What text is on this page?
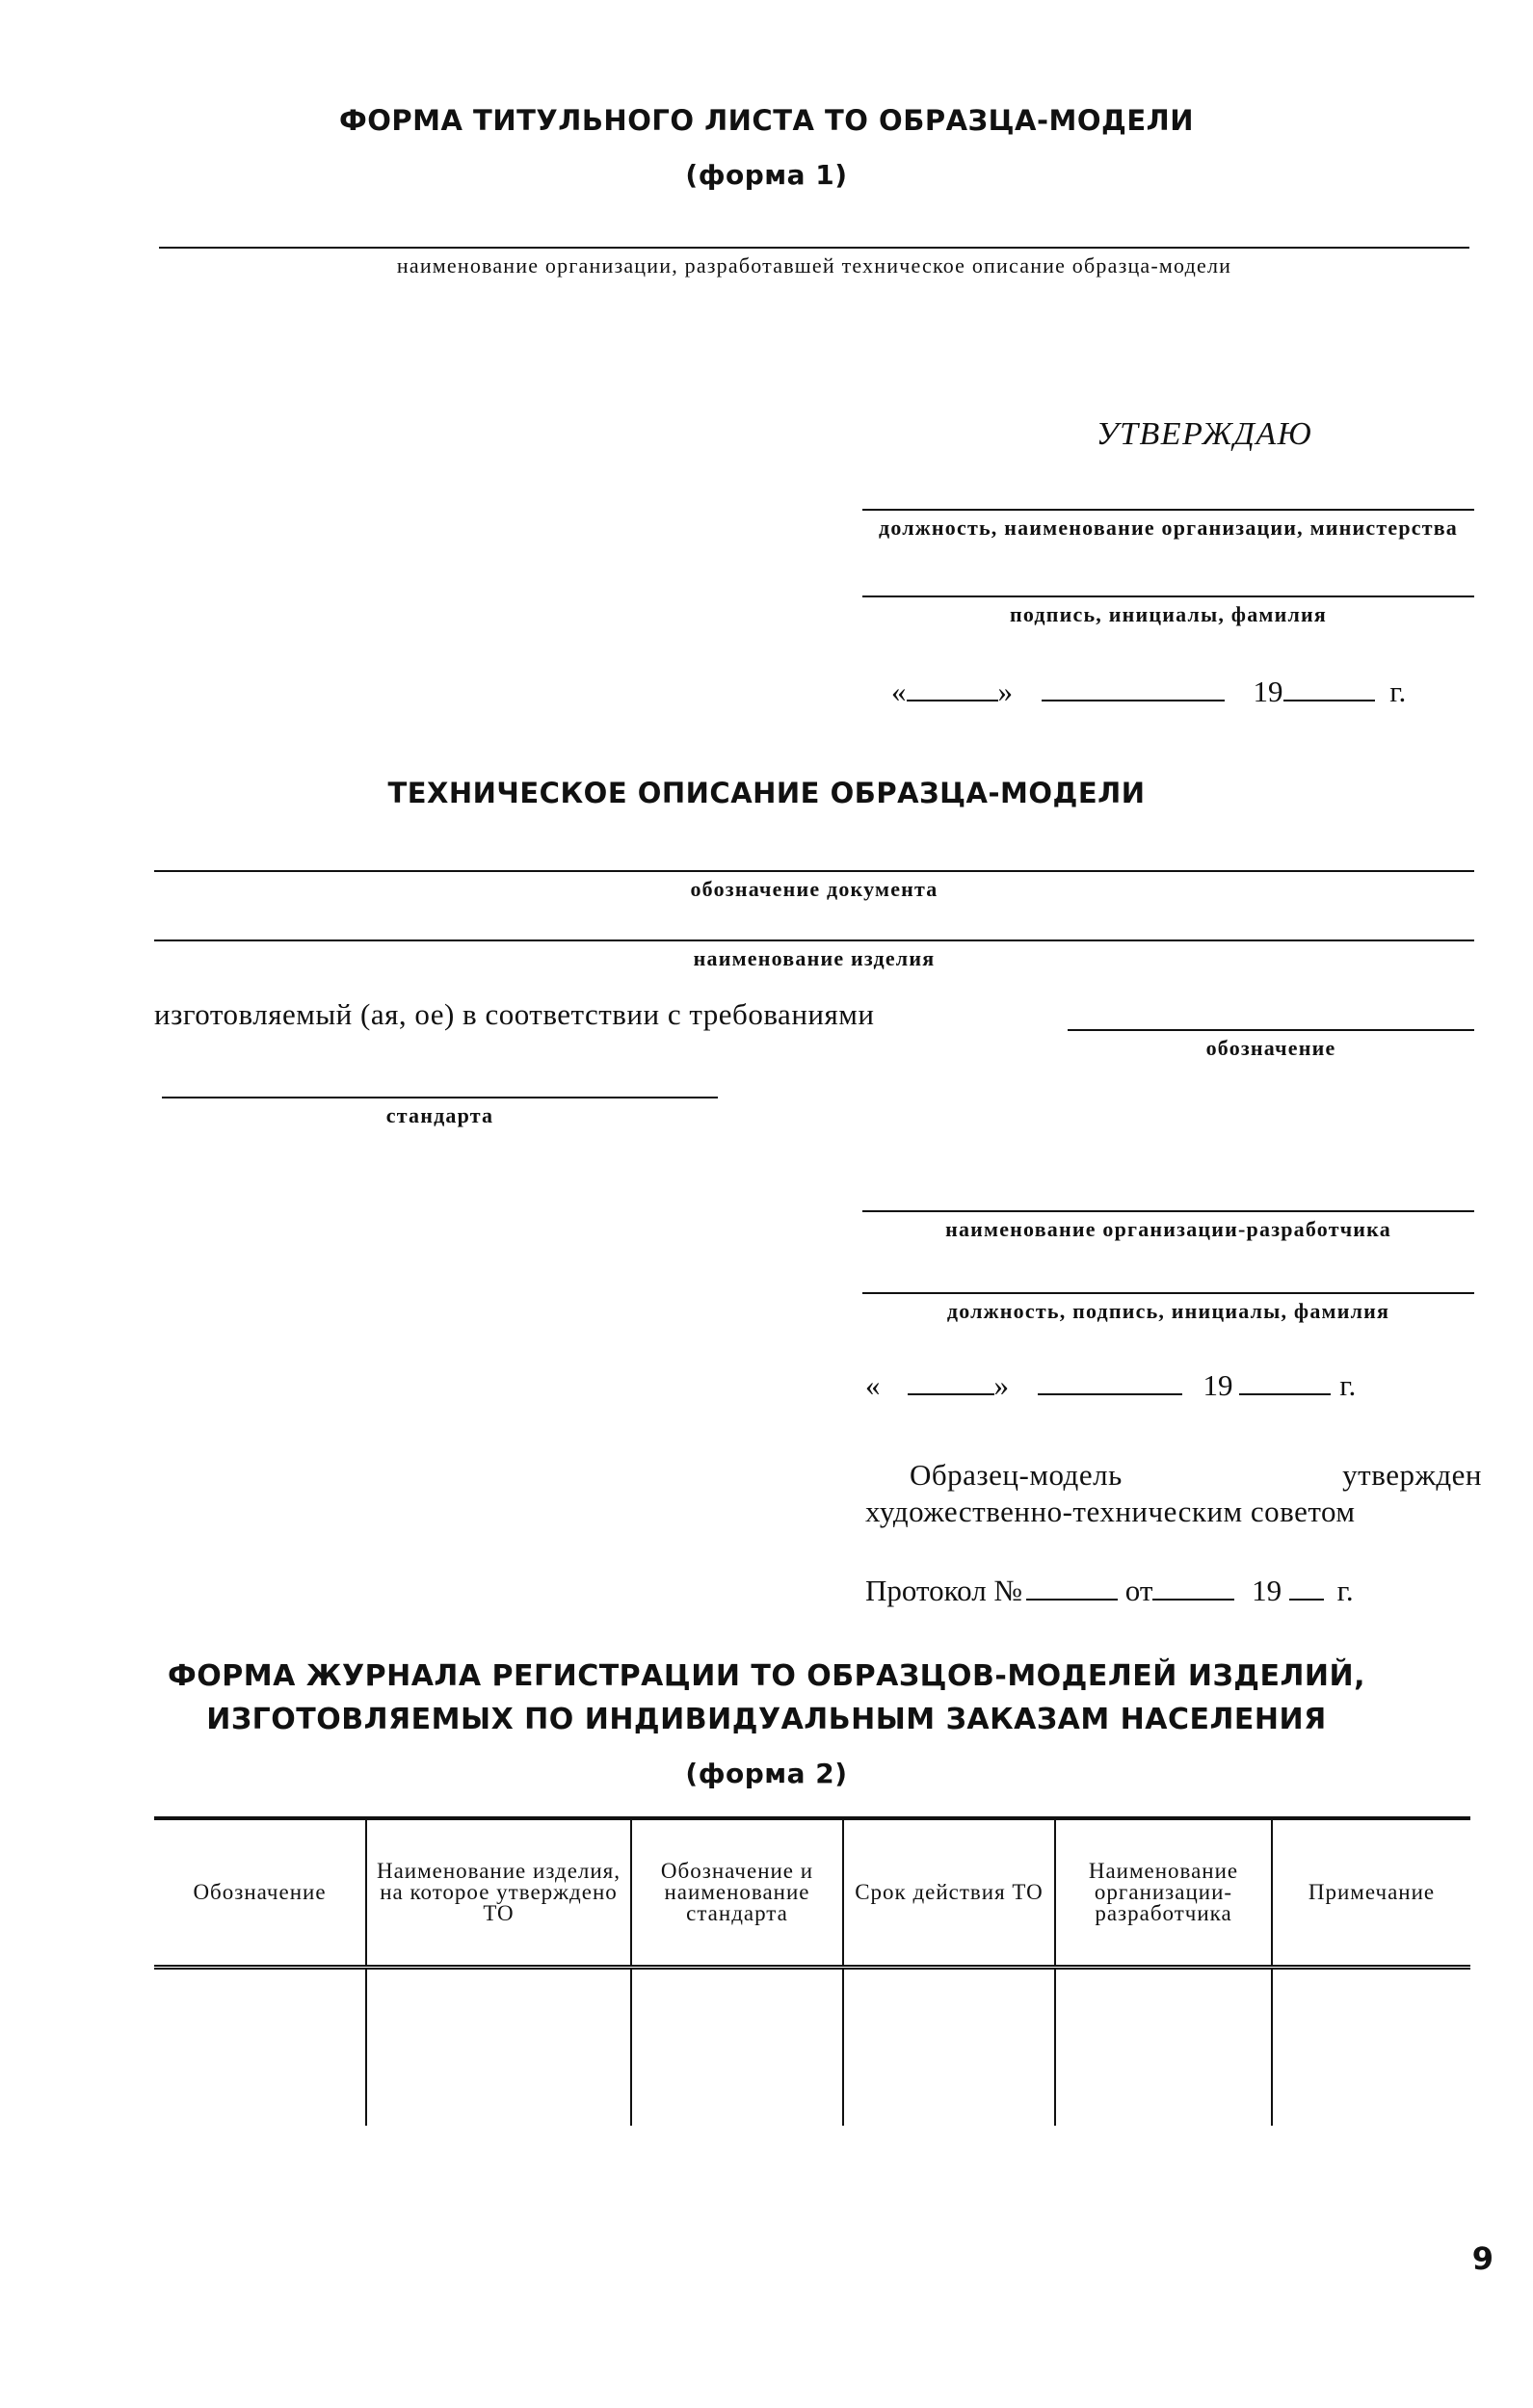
ФОРМА ТИТУЛЬНОГО ЛИСТА ТО ОБРАЗЦА-МОДЕЛИ
(форма 1)
наименование организации, разработавшей техническое описание образца-модели
УТВЕРЖДАЮ
должность, наименование организации, министерства
подпись, инициалы, фамилия
«	»	19	г.
ТЕХНИЧЕСКОЕ ОПИСАНИЕ ОБРАЗЦА-МОДЕЛИ
обозначение документа
наименование изделия
изготовляемый (ая, ое) в соответствии с требованиями
обозначение
стандарта
наименование организации-разработчика
должность, подпись, инициалы, фамилия
«	»	19	г.
Образец-модель утвержден художественно-техническим советом
Протокол №	от	19 г.
ФОРМА ЖУРНАЛА РЕГИСТРАЦИИ ТО ОБРАЗЦОВ-МОДЕЛЕЙ ИЗДЕЛИЙ,
ИЗГОТОВЛЯЕМЫХ ПО ИНДИВИДУАЛЬНЫМ ЗАКАЗАМ НАСЕЛЕНИЯ
(форма 2)
Обозначение	Наименование изделия, на которое утверждено ТО	Обозначение и наименование стандарта	Срок действия ТО	Наименование организации-разработчика	Примечание

9
